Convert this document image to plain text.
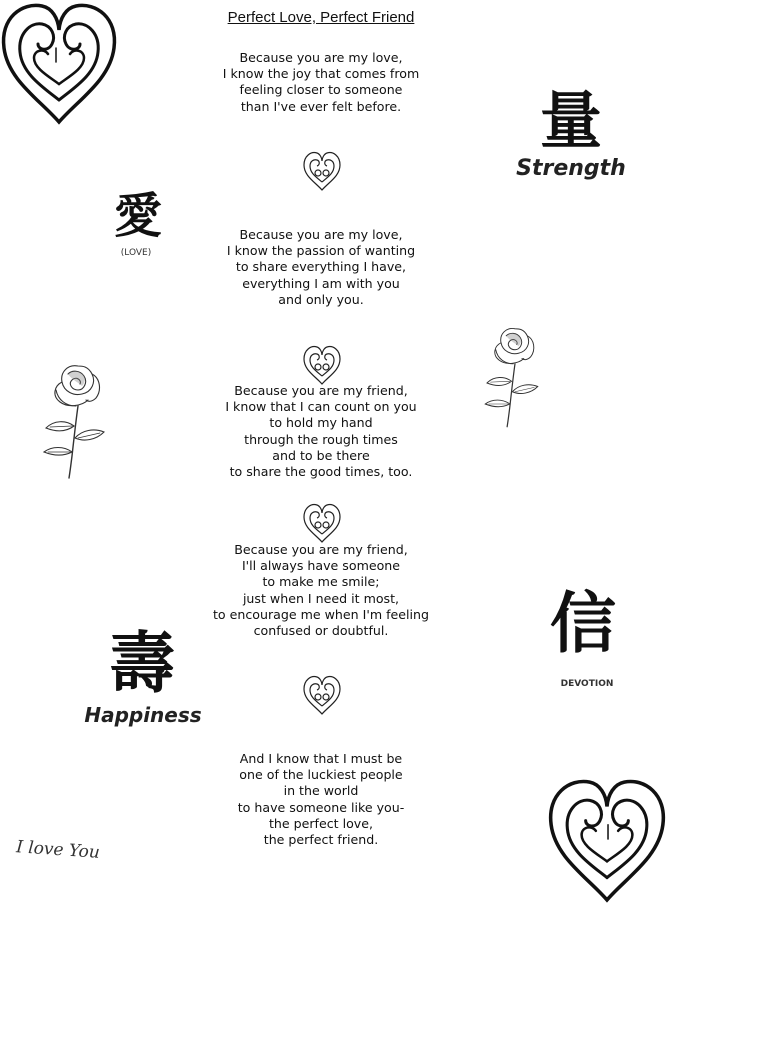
Perfect Love, Perfect Friend
Because you are my love,
I know the joy that comes from
feeling closer to someone
than I've ever felt before.
Because you are my love,
I know the passion of wanting
to share everything I have,
everything I am with you
and only you.
Because you are my friend,
I know that I can count on you
to hold my hand
through the rough times
and to be there
to share the good times, too.
Because you are my friend,
I'll always have someone
to make me smile;
just when I need it most,
to encourage me when I'm feeling
confused or doubtful.
And I know that I must be
one of the luckiest people
in the world
to have someone like you-
the perfect love,
the perfect friend.
量
Strength
愛
(LOVE)
壽
Happiness
信
DEVOTION
I love You
